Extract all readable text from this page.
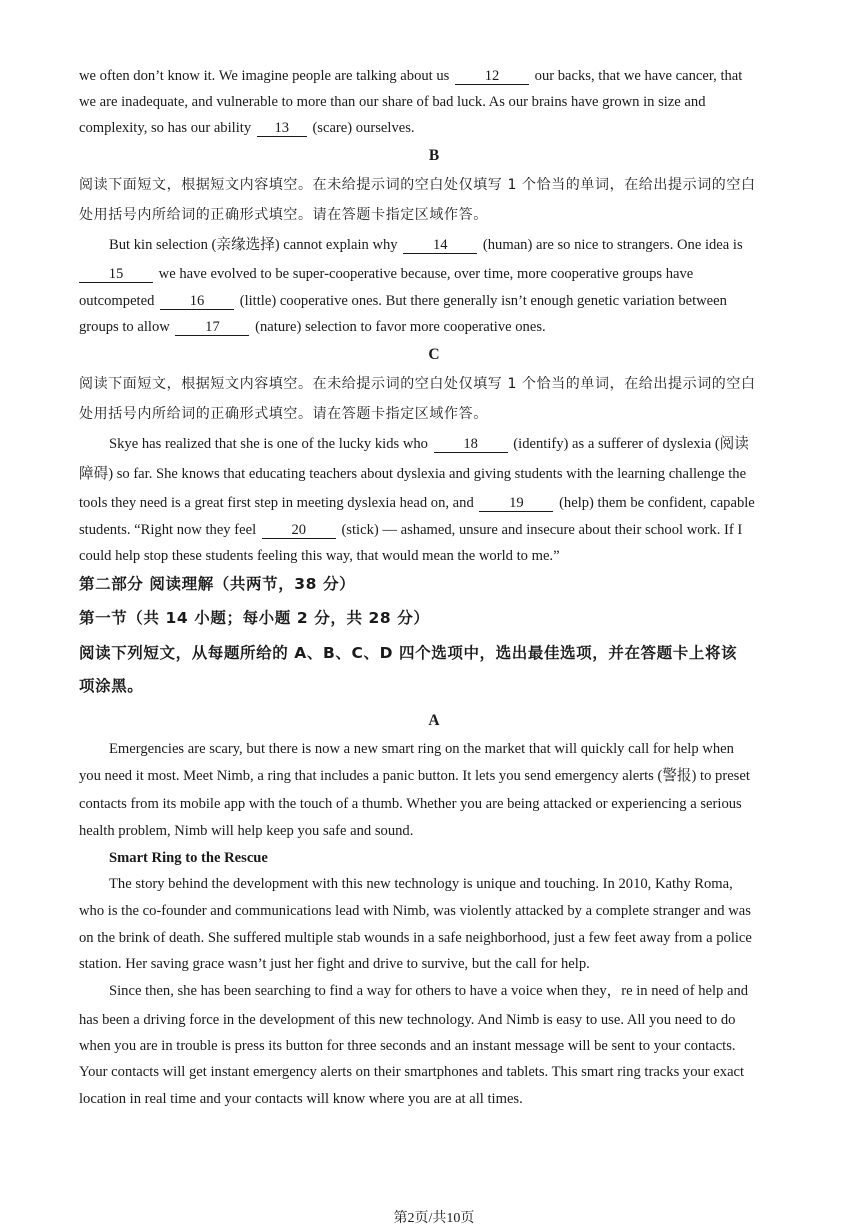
we often don’t know it. We imagine people are talking about us 12 our backs, that we have cancer, that
we are inadequate, and vulnerable to more than our share of bad luck. As our brains have grown in size and
complexity, so has our ability 13 (scare) ourselves.
B
阅读下面短文，根据短文内容填空。在未给提示词的空白处仅填写 1 个恰当的单词，在给出提示词的空白
处用括号内所给词的正确形式填空。请在答题卡指定区域作答。
But kin selection (亲缘选择) cannot explain why 14 (human) are so nice to strangers. One idea is
15 we have evolved to be super-cooperative because, over time, more cooperative groups have
outcompeted 16 (little) cooperative ones. But there generally isn’t enough genetic variation between
groups to allow 17 (nature) selection to favor more cooperative ones.
C
阅读下面短文，根据短文内容填空。在未给提示词的空白处仅填写 1 个恰当的单词，在给出提示词的空白
处用括号内所给词的正确形式填空。请在答题卡指定区域作答。
Skye has realized that she is one of the lucky kids who 18 (identify) as a sufferer of dyslexia (阅读
障碍) so far. She knows that educating teachers about dyslexia and giving students with the learning challenge the
tools they need is a great first step in meeting dyslexia head on, and 19 (help) them be confident, capable
students. “Right now they feel 20 (stick) — ashamed, unsure and insecure about their school work. If I
could help stop these students feeling this way, that would mean the world to me.”
第二部分 阅读理解（共两节，38 分）
第一节（共 14 小题；每小题 2 分，共 28 分）
阅读下列短文，从每题所给的 A、B、C、D 四个选项中，选出最佳选项，并在答题卡上将该
项涂黑。
A
Emergencies are scary, but there is now a new smart ring on the market that will quickly call for help when
you need it most. Meet Nimb, a ring that includes a panic button. It lets you send emergency alerts (警报) to preset
contacts from its mobile app with the touch of a thumb. Whether you are being attacked or experiencing a serious
health problem, Nimb will help keep you safe and sound.
Smart Ring to the Rescue
The story behind the development with this new technology is unique and touching. In 2010, Kathy Roma,
who is the co-founder and communications lead with Nimb, was violently attacked by a complete stranger and was
on the brink of death. She suffered multiple stab wounds in a safe neighborhood, just a few feet away from a police
station. Her saving grace wasn’t just her fight and drive to survive, but the call for help.
Since then, she has been searching to find a way for others to have a voice when they，re in need of help and
has been a driving force in the development of this new technology. And Nimb is easy to use. All you need to do
when you are in trouble is press its button for three seconds and an instant message will be sent to your contacts.
Your contacts will get instant emergency alerts on their smartphones and tablets. This smart ring tracks your exact
location in real time and your contacts will know where you are at all times.
第2页/共10页
